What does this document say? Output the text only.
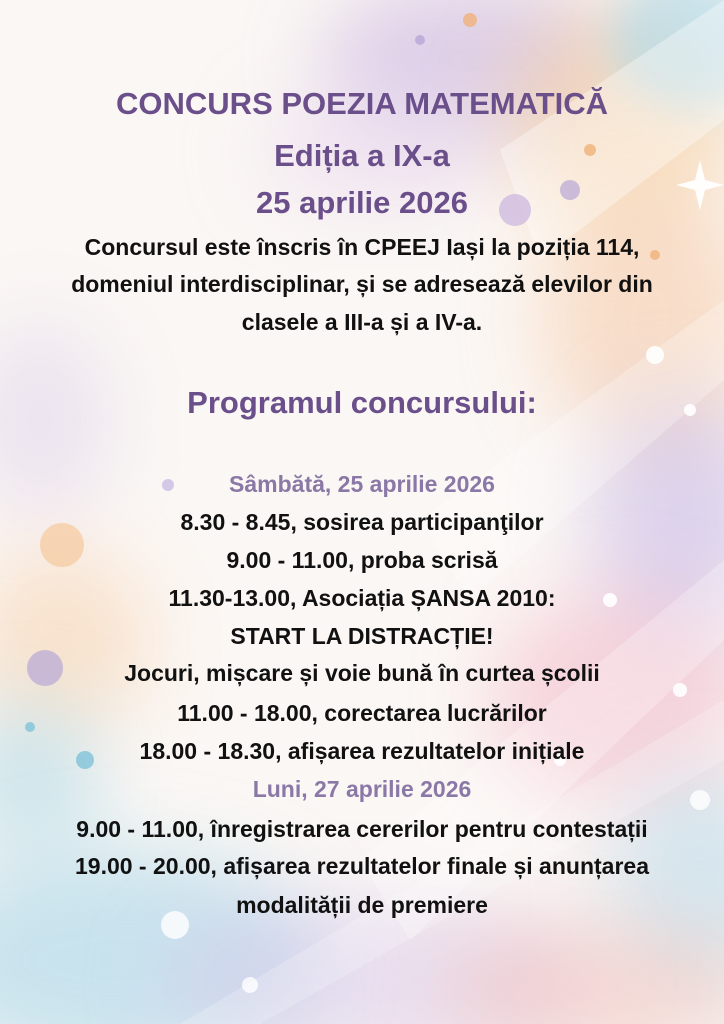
CONCURS POEZIA MATEMATICĂ
Ediția a IX-a
25 aprilie 2026
Concursul este înscris în CPEEJ Iași la poziția 114,
domeniul interdisciplinar, și se adresează elevilor din
clasele a III-a și a IV-a.
Programul concursului:
Sâmbătă, 25 aprilie 2026
8.30 - 8.45, sosirea participanţilor
9.00 - 11.00, proba scrisă
11.30-13.00, Asociația ȘANSA 2010:
START LA DISTRACȚIE!
Jocuri, mișcare și voie bună în curtea școlii
11.00 - 18.00, corectarea lucrărilor
18.00 - 18.30, afișarea rezultatelor inițiale
Luni, 27 aprilie 2026
9.00 - 11.00, înregistrarea cererilor pentru contestații
19.00 - 20.00, afișarea rezultatelor finale și anunțarea
modalității de premiere
